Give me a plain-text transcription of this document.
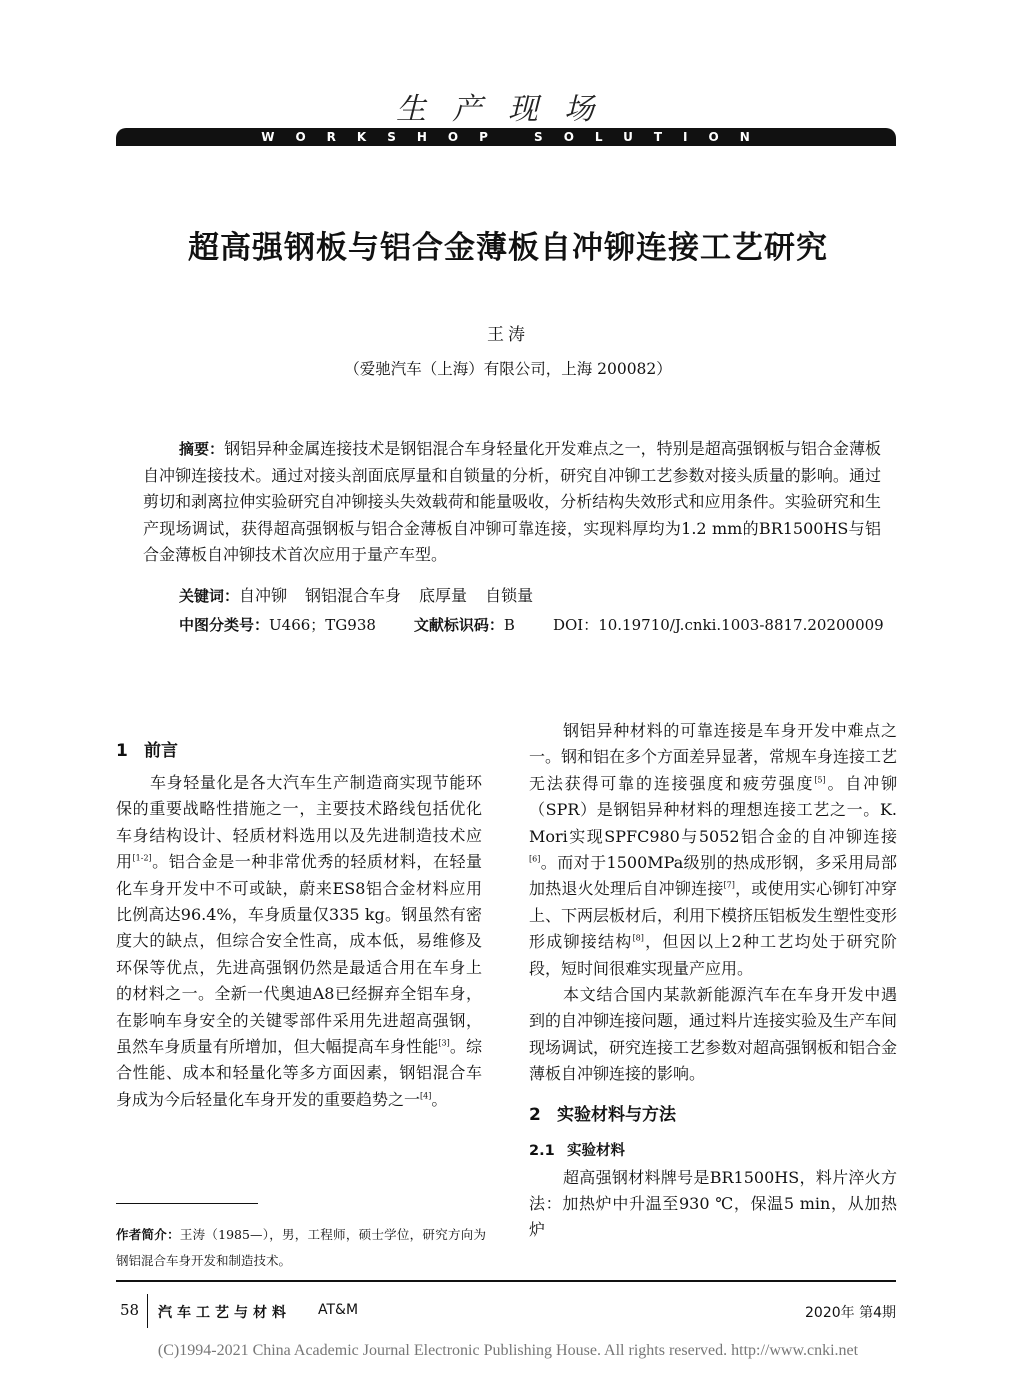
生产现场
WORKSHOP SOLUTION
超高强钢板与铝合金薄板自冲铆连接工艺研究
王涛
（爱驰汽车（上海）有限公司，上海 200082）
摘要：钢铝异种金属连接技术是钢铝混合车身轻量化开发难点之一，特别是超高强钢板与铝合金薄板自冲铆连接技术。通过对接头剖面底厚量和自锁量的分析，研究自冲铆工艺参数对接头质量的影响。通过剪切和剥离拉伸实验研究自冲铆接头失效载荷和能量吸收，分析结构失效形式和应用条件。实验研究和生产现场调试，获得超高强钢板与铝合金薄板自冲铆可靠连接，实现料厚均为1.2 mm的BR1500HS与铝合金薄板自冲铆技术首次应用于量产车型。
关键词：自冲铆 钢铝混合车身 底厚量 自锁量
中图分类号：U466；TG938	文献标识码：B	DOI：10.19710/J.cnki.1003-8817.20200009
1 前言

车身轻量化是各大汽车生产制造商实现节能环保的重要战略性措施之一，主要技术路线包括优化车身结构设计、轻质材料选用以及先进制造技术应用[1-2]。铝合金是一种非常优秀的轻质材料，在轻量化车身开发中不可或缺，蔚来ES8铝合金材料应用比例高达96.4%，车身质量仅335 kg。钢虽然有密度大的缺点，但综合安全性高，成本低，易维修及环保等优点，先进高强钢仍然是最适合用在车身上的材料之一。全新一代奥迪A8已经摒弃全铝车身，在影响车身安全的关键零部件采用先进超高强钢，虽然车身质量有所增加，但大幅提高车身性能[3]。综合性能、成本和轻量化等多方面因素，钢铝混合车身成为今后轻量化车身开发的重要趋势之一[4]。

钢铝异种材料的可靠连接是车身开发中难点之一。钢和铝在多个方面差异显著，常规车身连接工艺无法获得可靠的连接强度和疲劳强度[5]。自冲铆（SPR）是钢铝异种材料的理想连接工艺之一。K. Mori实现SPFC980与5052铝合金的自冲铆连接[6]。而对于1500MPa级别的热成形钢，多采用局部加热退火处理后自冲铆连接[7]，或使用实心铆钉冲穿上、下两层板材后，利用下模挤压铝板发生塑性变形形成铆接结构[8]，但因以上2种工艺均处于研究阶段，短时间很难实现量产应用。

本文结合国内某款新能源汽车在车身开发中遇到的自冲铆连接问题，通过料片连接实验及生产车间现场调试，研究连接工艺参数对超高强钢板和铝合金薄板自冲铆连接的影响。

2 实验材料与方法
2.1 实验材料

超高强钢材料牌号是BR1500HS，料片淬火方法：加热炉中升温至930 ℃，保温5 min，从加热炉

作者简介：王涛（1985—），男，工程师，硕士学位，研究方向为钢铝混合车身开发和制造技术。
58 汽车工艺与材料 AT&M	2020年 第4期
(C)1994-2021 China Academic Journal Electronic Publishing House. All rights reserved. http://www.cnki.net
